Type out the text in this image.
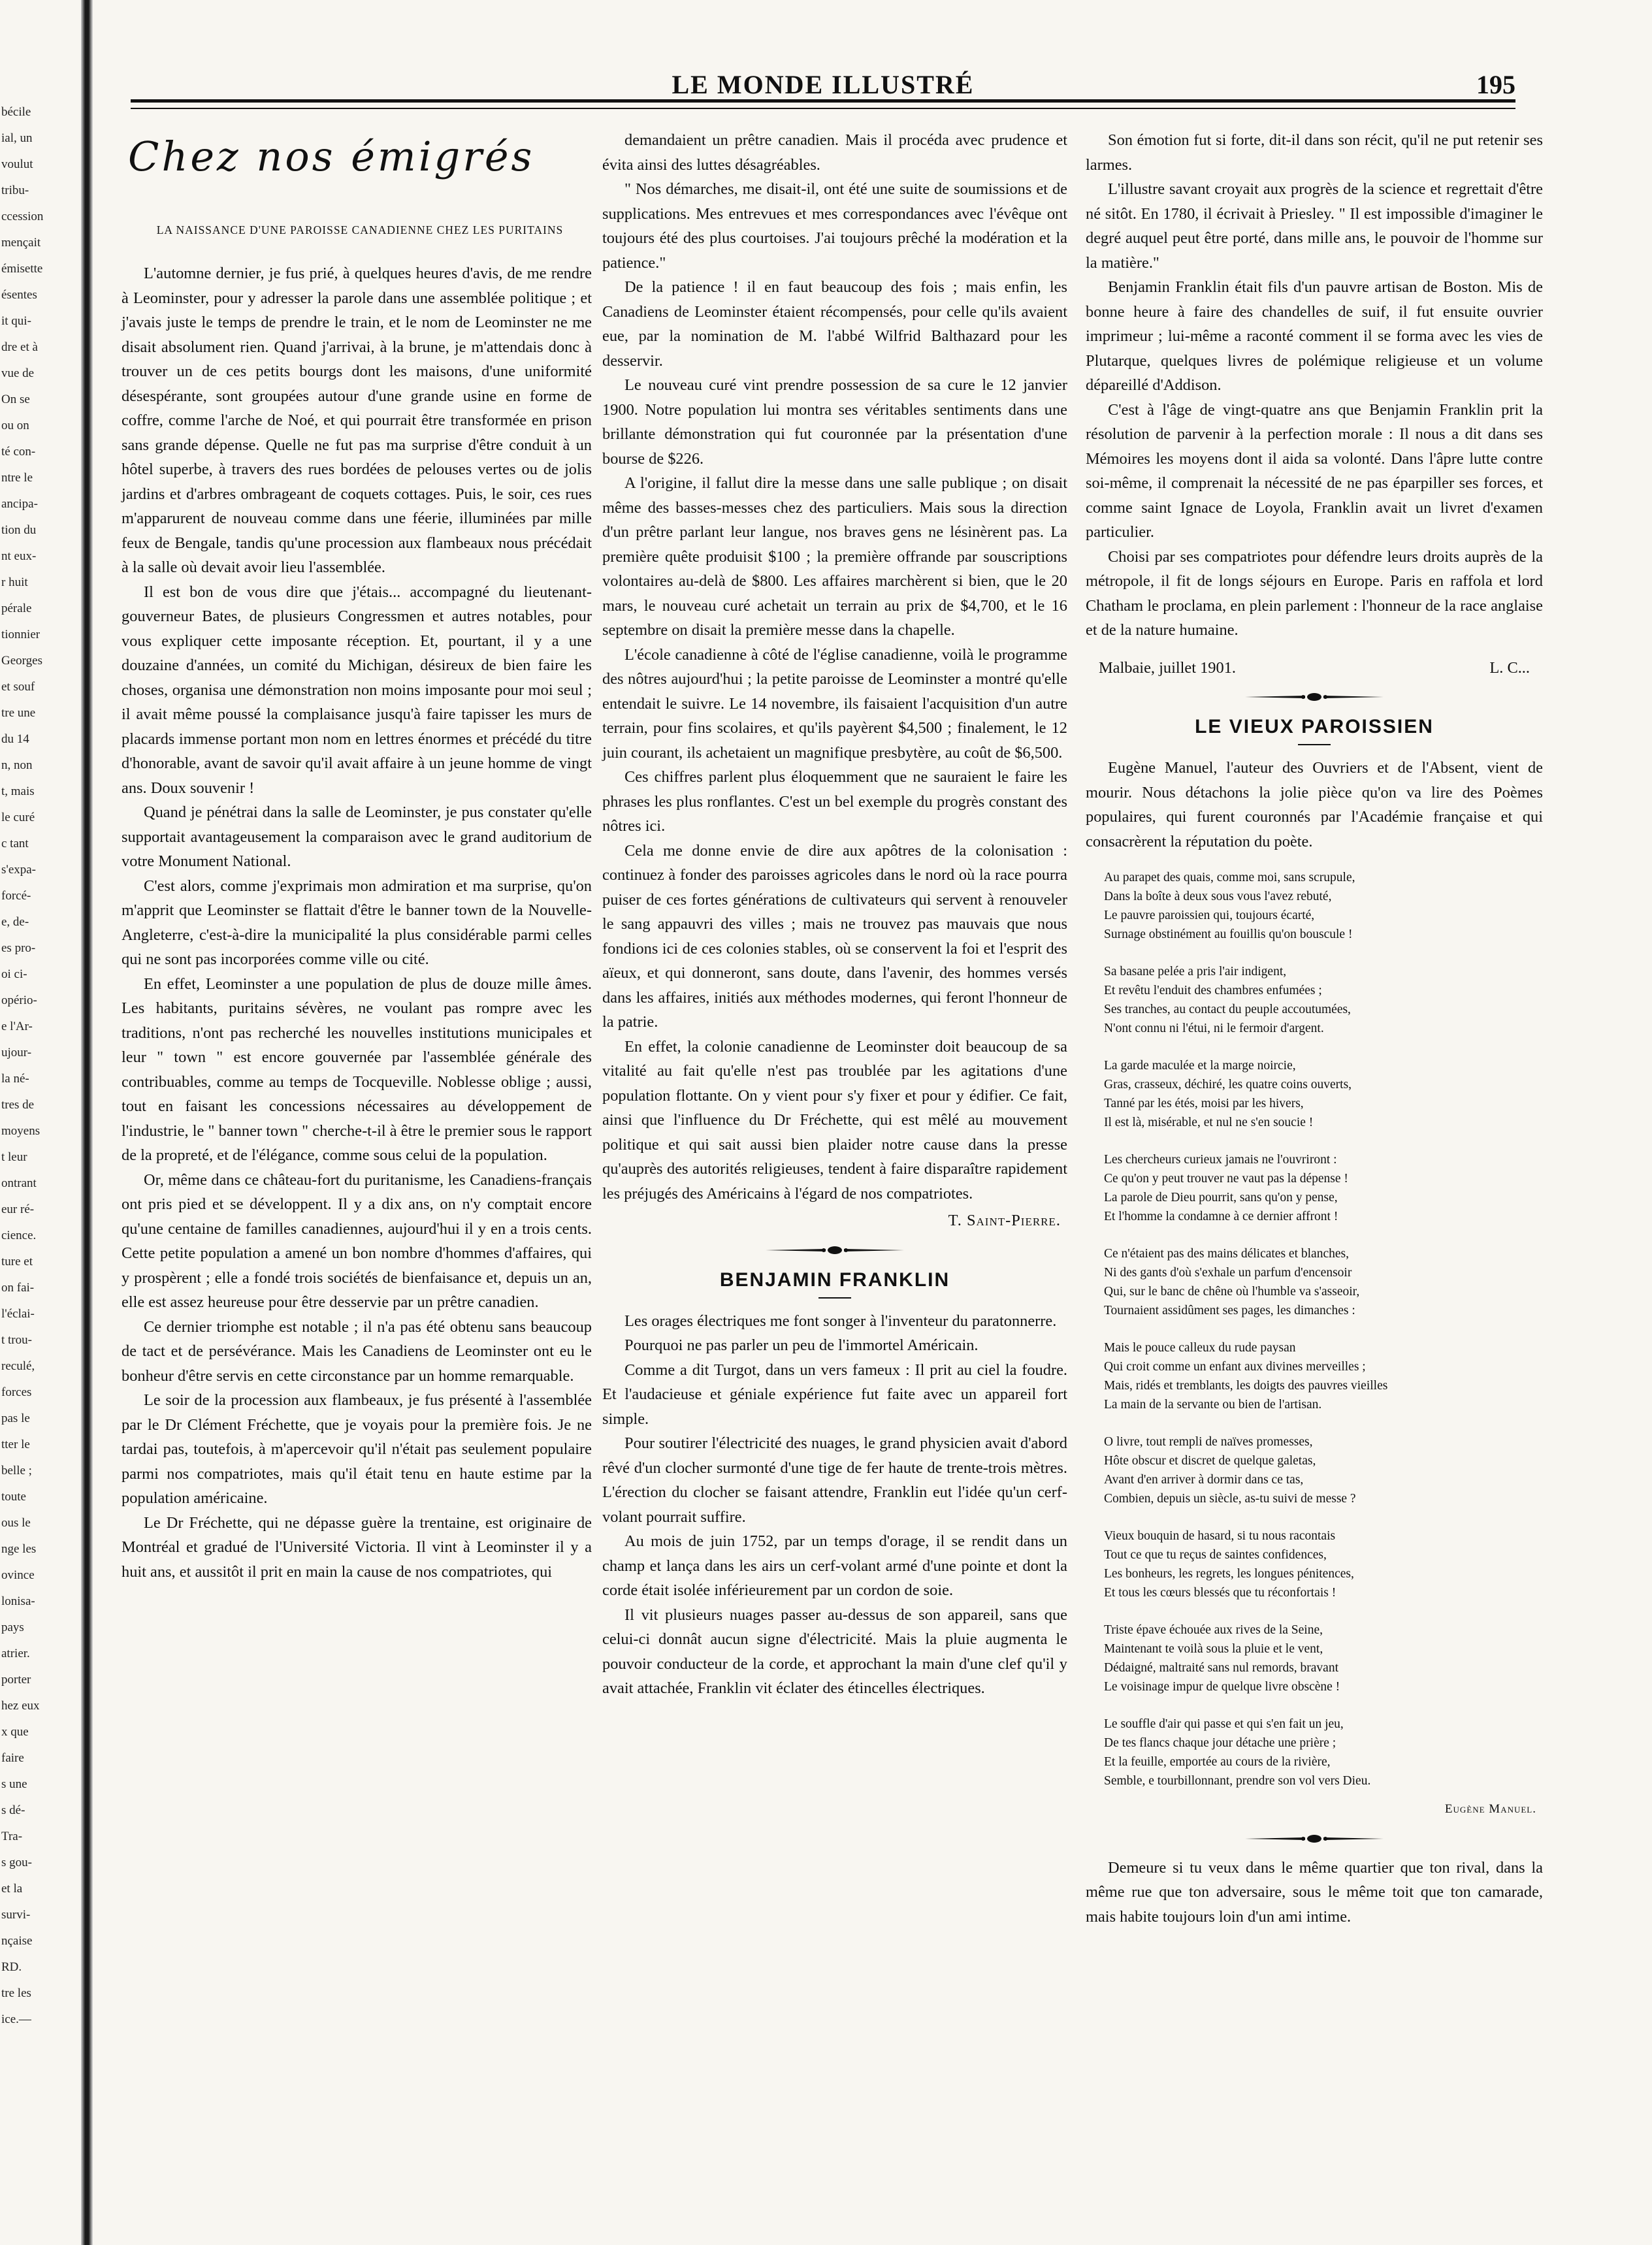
bécile
ial, un
voulut
tribu-
ccession
mençait
émisette
ésentes
it qui-
dre et à
vue de
On se
ou on
té con-
ntre le
ancipa-
tion du
nt eux-
r huit
pérale
tionnier
Georges
et souf
tre une
du 14
n, non
t, mais
le curé
c tant
s'expa-
forcé-
e, de-
es pro-
oi ci-
opério-
e l'Ar-
ujour-
la né-
tres de
moyens
t leur
ontrant
eur ré-
cience.
ture et
on fai-
l'éclai-
t trou-
reculé,
forces
pas le
tter le
belle ;
toute
ous le
nge les
ovince
lonisa-
pays
atrier.
porter
hez eux
x que
faire
s une
s dé-
Tra-
s gou-
et la
survi-
nçaise
RD.
tre les
ice.—
LE MONDE ILLUSTRÉ	195
Chez nos émigrés
LA NAISSANCE D'UNE PAROISSE CANADIENNE CHEZ LES PURITAINS

L'automne dernier, je fus prié, à quelques heures d'avis, de me rendre à Leominster, pour y adresser la parole dans une assemblée politique ; et j'avais juste le temps de prendre le train, et le nom de Leominster ne me disait absolument rien. Quand j'arrivai, à la brune, je m'attendais donc à trouver un de ces petits bourgs dont les maisons, d'une uniformité désespérante, sont groupées autour d'une grande usine en forme de coffre, comme l'arche de Noé, et qui pourrait être transformée en prison sans grande dépense. Quelle ne fut pas ma surprise d'être conduit à un hôtel superbe, à travers des rues bordées de pelouses vertes ou de jolis jardins et d'arbres ombrageant de coquets cottages. Puis, le soir, ces rues m'apparurent de nouveau comme dans une féerie, illuminées par mille feux de Bengale, tandis qu'une procession aux flambeaux nous précédait à la salle où devait avoir lieu l'assemblée.

Il est bon de vous dire que j'étais... accompagné du lieutenant-gouverneur Bates, de plusieurs Congressmen et autres notables, pour vous expliquer cette imposante réception. Et, pourtant, il y a une douzaine d'années, un comité du Michigan, désireux de bien faire les choses, organisa une démonstration non moins imposante pour moi seul ; il avait même poussé la complaisance jusqu'à faire tapisser les murs de placards immense portant mon nom en lettres énormes et précédé du titre d'honorable, avant de savoir qu'il avait affaire à un jeune homme de vingt ans. Doux souvenir !

Quand je pénétrai dans la salle de Leominster, je pus constater qu'elle supportait avantageusement la comparaison avec le grand auditorium de votre Monument National.

C'est alors, comme j'exprimais mon admiration et ma surprise, qu'on m'apprit que Leominster se flattait d'être le banner town de la Nouvelle-Angleterre, c'est-à-dire la municipalité la plus considérable parmi celles qui ne sont pas incorporées comme ville ou cité.

En effet, Leominster a une population de plus de douze mille âmes. Les habitants, puritains sévères, ne voulant pas rompre avec les traditions, n'ont pas recherché les nouvelles institutions municipales et leur " town " est encore gouvernée par l'assemblée générale des contribuables, comme au temps de Tocqueville. Noblesse oblige ; aussi, tout en faisant les concessions nécessaires au développement de l'industrie, le " banner town " cherche-t-il à être le premier sous le rapport de la propreté, et de l'élégance, comme sous celui de la population.

Or, même dans ce château-fort du puritanisme, les Canadiens-français ont pris pied et se développent. Il y a dix ans, on n'y comptait encore qu'une centaine de familles canadiennes, aujourd'hui il y en a trois cents. Cette petite population a amené un bon nombre d'hommes d'affaires, qui y prospèrent ; elle a fondé trois sociétés de bienfaisance et, depuis un an, elle est assez heureuse pour être desservie par un prêtre canadien.

Ce dernier triomphe est notable ; il n'a pas été obtenu sans beaucoup de tact et de persévérance. Mais les Canadiens de Leominster ont eu le bonheur d'être servis en cette circonstance par un homme remarquable.

Le soir de la procession aux flambeaux, je fus présenté à l'assemblée par le Dr Clément Fréchette, que je voyais pour la première fois. Je ne tardai pas, toutefois, à m'apercevoir qu'il n'était pas seulement populaire parmi nos compatriotes, mais qu'il était tenu en haute estime par la population américaine.

Le Dr Fréchette, qui ne dépasse guère la trentaine, est originaire de Montréal et gradué de l'Université Victoria. Il vint à Leominster il y a huit ans, et aussitôt il prit en main la cause de nos compatriotes, qui

demandaient un prêtre canadien. Mais il procéda avec prudence et évita ainsi des luttes désagréables.

" Nos démarches, me disait-il, ont été une suite de soumissions et de supplications. Mes entrevues et mes correspondances avec l'évêque ont toujours été des plus courtoises. J'ai toujours prêché la modération et la patience."

De la patience ! il en faut beaucoup des fois ; mais enfin, les Canadiens de Leominster étaient récompensés, pour celle qu'ils avaient eue, par la nomination de M. l'abbé Wilfrid Balthazard pour les desservir.

Le nouveau curé vint prendre possession de sa cure le 12 janvier 1900. Notre population lui montra ses véritables sentiments dans une brillante démonstration qui fut couronnée par la présentation d'une bourse de $226.

A l'origine, il fallut dire la messe dans une salle publique ; on disait même des basses-messes chez des particuliers. Mais sous la direction d'un prêtre parlant leur langue, nos braves gens ne lésinèrent pas. La première quête produisit $100 ; la première offrande par souscriptions volontaires au-delà de $800. Les affaires marchèrent si bien, que le 20 mars, le nouveau curé achetait un terrain au prix de $4,700, et le 16 septembre on disait la première messe dans la chapelle.

L'école canadienne à côté de l'église canadienne, voilà le programme des nôtres aujourd'hui ; la petite paroisse de Leominster a montré qu'elle entendait le suivre. Le 14 novembre, ils faisaient l'acquisition d'un autre terrain, pour fins scolaires, et qu'ils payèrent $4,500 ; finalement, le 12 juin courant, ils achetaient un magnifique presbytère, au coût de $6,500.

Ces chiffres parlent plus éloquemment que ne sauraient le faire les phrases les plus ronflantes. C'est un bel exemple du progrès constant des nôtres ici.

Cela me donne envie de dire aux apôtres de la colonisation : continuez à fonder des paroisses agricoles dans le nord où la race pourra puiser de ces fortes générations de cultivateurs qui servent à renouveler le sang appauvri des villes ; mais ne trouvez pas mauvais que nous fondions ici de ces colonies stables, où se conservent la foi et l'esprit des aïeux, et qui donneront, sans doute, dans l'avenir, des hommes versés dans les affaires, initiés aux méthodes modernes, qui feront l'honneur de la patrie.

En effet, la colonie canadienne de Leominster doit beaucoup de sa vitalité au fait qu'elle n'est pas troublée par les agitations d'une population flottante. On y vient pour s'y fixer et pour y édifier. Ce fait, ainsi que l'influence du Dr Fréchette, qui est mêlé au mouvement politique et qui sait aussi bien plaider notre cause dans la presse qu'auprès des autorités religieuses, tendent à faire disparaître rapidement les préjugés des Américains à l'égard de nos compatriotes.

T. Saint-Pierre.
BENJAMIN FRANKLIN

Les orages électriques me font songer à l'inventeur du paratonnerre.

Pourquoi ne pas parler un peu de l'immortel Américain.

Comme a dit Turgot, dans un vers fameux : Il prit au ciel la foudre. Et l'audacieuse et géniale expérience fut faite avec un appareil fort simple.

Pour soutirer l'électricité des nuages, le grand physicien avait d'abord rêvé d'un clocher surmonté d'une tige de fer haute de trente-trois mètres. L'érection du clocher se faisant attendre, Franklin eut l'idée qu'un cerf-volant pourrait suffire.

Au mois de juin 1752, par un temps d'orage, il se rendit dans un champ et lança dans les airs un cerf-volant armé d'une pointe et dont la corde était isolée inférieurement par un cordon de soie.

Il vit plusieurs nuages passer au-dessus de son appareil, sans que celui-ci donnât aucun signe d'électricité. Mais la pluie augmenta le pouvoir conducteur de la corde, et approchant la main d'une clef qu'il y avait attachée, Franklin vit éclater des étincelles électriques.

Son émotion fut si forte, dit-il dans son récit, qu'il ne put retenir ses larmes.

L'illustre savant croyait aux progrès de la science et regrettait d'être né sitôt. En 1780, il écrivait à Priesley. " Il est impossible d'imaginer le degré auquel peut être porté, dans mille ans, le pouvoir de l'homme sur la matière."

Benjamin Franklin était fils d'un pauvre artisan de Boston. Mis de bonne heure à faire des chandelles de suif, il fut ensuite ouvrier imprimeur ; lui-même a raconté comment il se forma avec les vies de Plutarque, quelques livres de polémique religieuse et un volume dépareillé d'Addison.

C'est à l'âge de vingt-quatre ans que Benjamin Franklin prit la résolution de parvenir à la perfection morale : Il nous a dit dans ses Mémoires les moyens dont il aida sa volonté. Dans l'âpre lutte contre soi-même, il comprenait la nécessité de ne pas éparpiller ses forces, et comme saint Ignace de Loyola, Franklin avait un livret d'examen particulier.

Choisi par ses compatriotes pour défendre leurs droits auprès de la métropole, il fit de longs séjours en Europe. Paris en raffola et lord Chatham le proclama, en plein parlement : l'honneur de la race anglaise et de la nature humaine.

Malbaie, juillet 1901.	L. C...
LE VIEUX PAROISSIEN

Eugène Manuel, l'auteur des Ouvriers et de l'Absent, vient de mourir. Nous détachons la jolie pièce qu'on va lire des Poèmes populaires, qui furent couronnés par l'Académie française et qui consacrèrent la réputation du poète.

Au parapet des quais, comme moi, sans scrupule,

Dans la boîte à deux sous vous l'avez rebuté,

Le pauvre paroissien qui, toujours écarté,

Surnage obstinément au fouillis qu'on bouscule !

Sa basane pelée a pris l'air indigent,

Et revêtu l'enduit des chambres enfumées ;

Ses tranches, au contact du peuple accoutumées,

N'ont connu ni l'étui, ni le fermoir d'argent.

La garde maculée et la marge noircie,

Gras, crasseux, déchiré, les quatre coins ouverts,

Tanné par les étés, moisi par les hivers,

Il est là, misérable, et nul ne s'en soucie !

Les chercheurs curieux jamais ne l'ouvriront :

Ce qu'on y peut trouver ne vaut pas la dépense !

La parole de Dieu pourrit, sans qu'on y pense,

Et l'homme la condamne à ce dernier affront !

Ce n'étaient pas des mains délicates et blanches,

Ni des gants d'où s'exhale un parfum d'encensoir

Qui, sur le banc de chêne où l'humble va s'asseoir,

Tournaient assidûment ses pages, les dimanches :

Mais le pouce calleux du rude paysan

Qui croit comme un enfant aux divines merveilles ;

Mais, ridés et tremblants, les doigts des pauvres vieilles

La main de la servante ou bien de l'artisan.

O livre, tout rempli de naïves promesses,

Hôte obscur et discret de quelque galetas,

Avant d'en arriver à dormir dans ce tas,

Combien, depuis un siècle, as-tu suivi de messe ?

Vieux bouquin de hasard, si tu nous racontais

Tout ce que tu reçus de saintes confidences,

Les bonheurs, les regrets, les longues pénitences,

Et tous les cœurs blessés que tu réconfortais !

Triste épave échouée aux rives de la Seine,

Maintenant te voilà sous la pluie et le vent,

Dédaigné, maltraité sans nul remords, bravant

Le voisinage impur de quelque livre obscène !

Le souffle d'air qui passe et qui s'en fait un jeu,

De tes flancs chaque jour détache une prière ;

Et la feuille, emportée au cours de la rivière,

Semble, e tourbillonnant, prendre son vol vers Dieu.

Eugène Manuel.

Demeure si tu veux dans le même quartier que ton rival, dans la même rue que ton adversaire, sous le même toit que ton camarade, mais habite toujours loin d'un ami intime.
